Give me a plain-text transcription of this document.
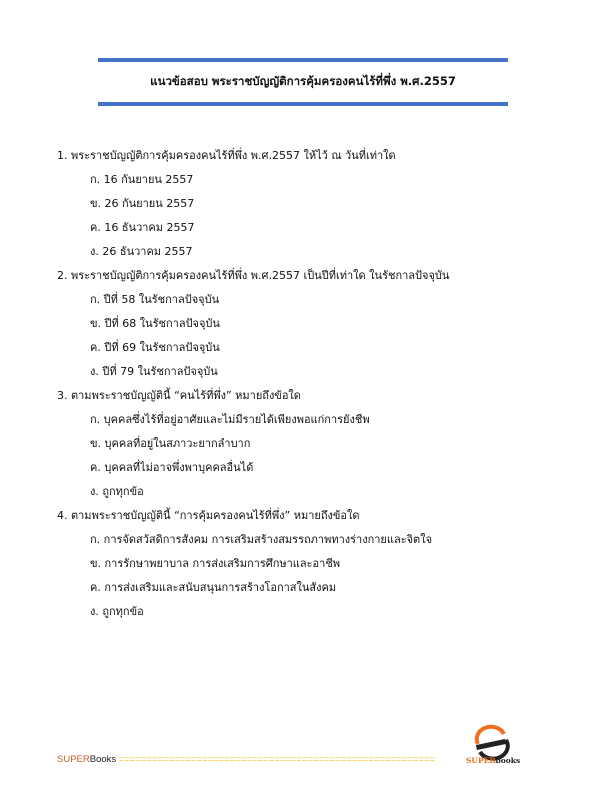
แนวข้อสอบ พระราชบัญญัติการคุ้มครองคนไร้ที่พึ่ง พ.ศ.2557
1. พระราชบัญญัติการคุ้มครองคนไร้ที่พึ่ง พ.ศ.2557 ให้ไว้ ณ วันที่เท่าใด
ก. 16 กันยายน 2557
ข. 26 กันยายน 2557
ค. 16 ธันวาคม 2557
ง. 26 ธันวาคม 2557
2. พระราชบัญญัติการคุ้มครองคนไร้ที่พึ่ง พ.ศ.2557 เป็นปีที่เท่าใด ในรัชกาลปัจจุบัน
ก. ปีที่ 58 ในรัชกาลปัจจุบัน
ข. ปีที่ 68 ในรัชกาลปัจจุบัน
ค. ปีที่ 69 ในรัชกาลปัจจุบัน
ง. ปีที่ 79 ในรัชกาลปัจจุบัน
3. ตามพระราชบัญญัตินี้ “คนไร้ที่พึ่ง” หมายถึงข้อใด
ก. บุคคลซึ่งไร้ที่อยู่อาศัยและไม่มีรายได้เพียงพอแก่การยังชีพ
ข. บุคคลที่อยู่ในสภาวะยากลำบาก
ค. บุคคลที่ไม่อาจพึ่งพาบุคคลอื่นได้
ง. ถูกทุกข้อ
4. ตามพระราชบัญญัตินี้ “การคุ้มครองคนไร้ที่พึ่ง” หมายถึงข้อใด
ก. การจัดสวัสดิการสังคม การเสริมสร้างสมรรถภาพทางร่างกายและจิตใจ
ข. การรักษาพยาบาล การส่งเสริมการศึกษาและอาชีพ
ค. การส่งเสริมและสนับสนุนการสร้างโอกาสในสังคม
ง. ถูกทุกข้อ
SUPERBooks =========================================================	SUPERbooks
